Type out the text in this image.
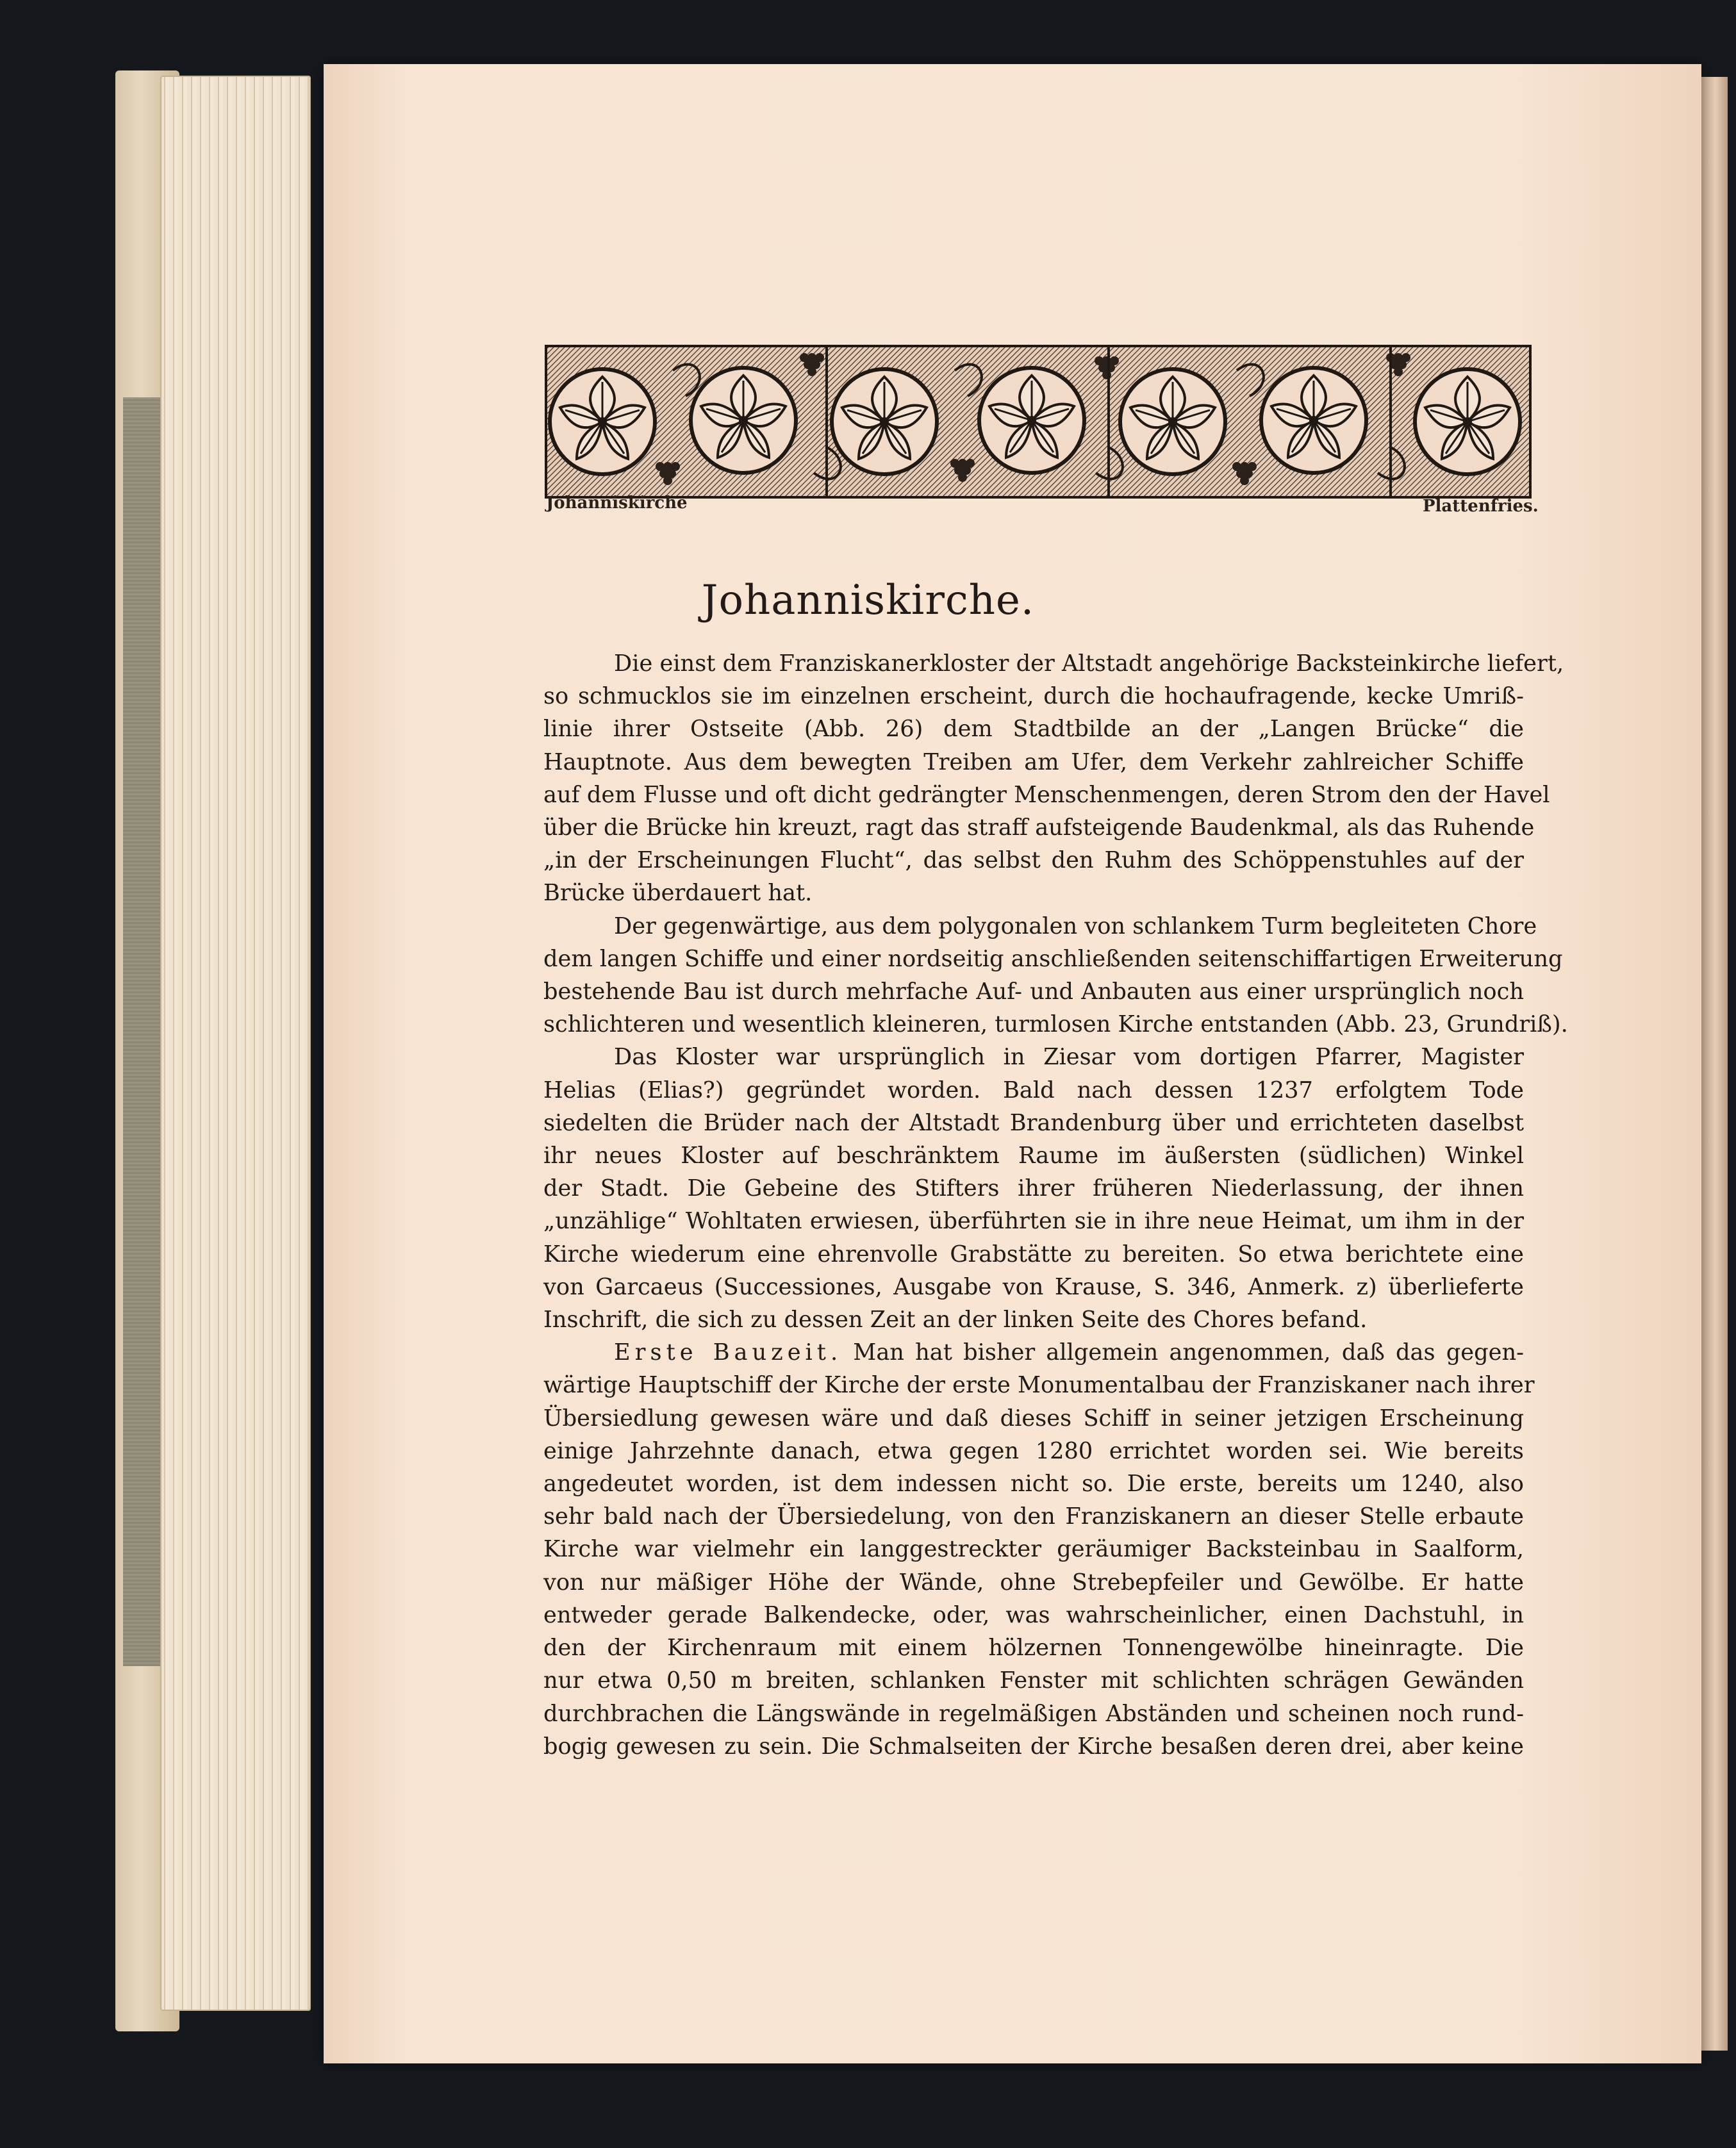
Johanniskirche	Plattenfries.
Johanniskirche.
Die einst dem Franziskanerkloster der Altstadt angehörige Backsteinkirche liefert,
so schmucklos sie im einzelnen erscheint, durch die hochaufragende, kecke Umriß-
linie ihrer Ostseite (Abb. 26) dem Stadtbilde an der „Langen Brücke“ die
Hauptnote. Aus dem bewegten Treiben am Ufer, dem Verkehr zahlreicher Schiffe
auf dem Flusse und oft dicht gedrängter Menschenmengen, deren Strom den der Havel
über die Brücke hin kreuzt, ragt das straff aufsteigende Baudenkmal, als das Ruhende
„in der Erscheinungen Flucht“, das selbst den Ruhm des Schöppenstuhles auf der
Brücke überdauert hat.
Der gegenwärtige, aus dem polygonalen von schlankem Turm begleiteten Chore
dem langen Schiffe und einer nordseitig anschließenden seitenschiffartigen Erweiterung
bestehende Bau ist durch mehrfache Auf- und Anbauten aus einer ursprünglich noch
schlichteren und wesentlich kleineren, turmlosen Kirche entstanden (Abb. 23, Grundriß).
Das Kloster war ursprünglich in Ziesar vom dortigen Pfarrer, Magister
Helias (Elias?) gegründet worden. Bald nach dessen 1237 erfolgtem Tode
siedelten die Brüder nach der Altstadt Brandenburg über und errichteten daselbst
ihr neues Kloster auf beschränktem Raume im äußersten (südlichen) Winkel
der Stadt. Die Gebeine des Stifters ihrer früheren Niederlassung, der ihnen
„unzählige“ Wohltaten erwiesen, überführten sie in ihre neue Heimat, um ihm in der
Kirche wiederum eine ehrenvolle Grabstätte zu bereiten. So etwa berichtete eine
von Garcaeus (Successiones, Ausgabe von Krause, S. 346, Anmerk. z) überlieferte
Inschrift, die sich zu dessen Zeit an der linken Seite des Chores befand.
Erste Bauzeit. Man hat bisher allgemein angenommen, daß das gegen-
wärtige Hauptschiff der Kirche der erste Monumentalbau der Franziskaner nach ihrer
Übersiedlung gewesen wäre und daß dieses Schiff in seiner jetzigen Erscheinung
einige Jahrzehnte danach, etwa gegen 1280 errichtet worden sei. Wie bereits
angedeutet worden, ist dem indessen nicht so. Die erste, bereits um 1240, also
sehr bald nach der Übersiedelung, von den Franziskanern an dieser Stelle erbaute
Kirche war vielmehr ein langgestreckter geräumiger Backsteinbau in Saalform,
von nur mäßiger Höhe der Wände, ohne Strebepfeiler und Gewölbe. Er hatte
entweder gerade Balkendecke, oder, was wahrscheinlicher, einen Dachstuhl, in
den der Kirchenraum mit einem hölzernen Tonnengewölbe hineinragte. Die
nur etwa 0,50 m breiten, schlanken Fenster mit schlichten schrägen Gewänden
durchbrachen die Längswände in regelmäßigen Abständen und scheinen noch rund-
bogig gewesen zu sein. Die Schmalseiten der Kirche besaßen deren drei, aber keine
